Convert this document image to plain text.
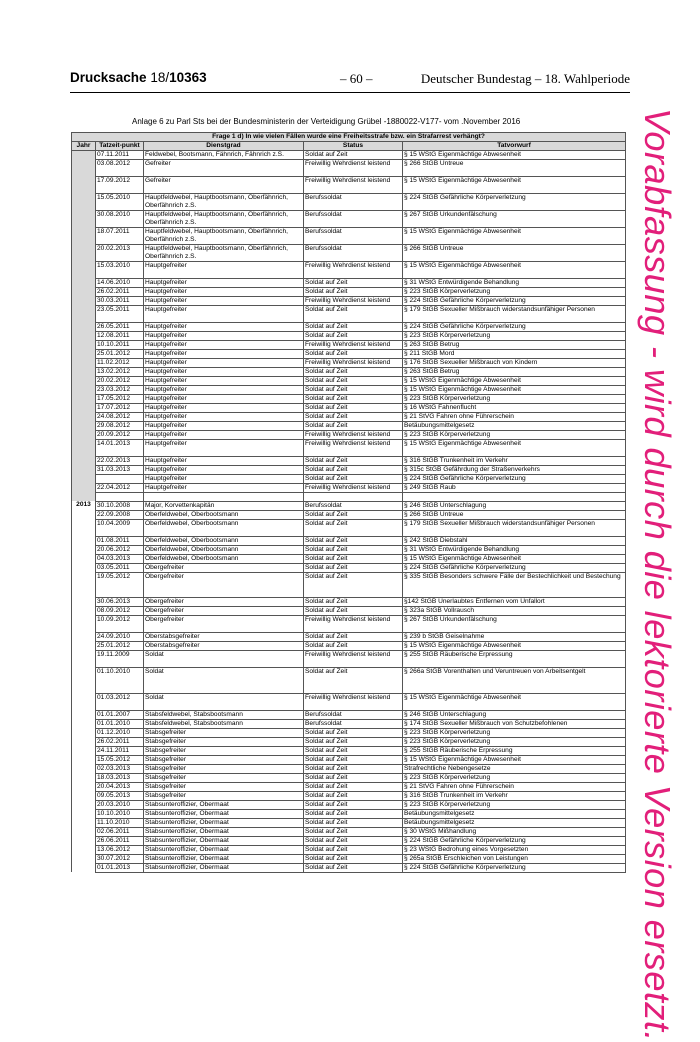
Drucksache 18/10363	– 60 –	Deutscher Bundestag – 18. Wahlperiode
Anlage 6 zu Parl Sts bei der Bundesministerin der Verteidigung Grübel -1880022-V177- vom .November 2016	Vorabfassung - wird durch die lektorierte Version ersetzt.
Frage 1 d) In wie vielen Fällen wurde eine Freiheitsstrafe bzw. ein Strafarrest verhängt?				
Jahr	Tatzeit-punkt	Dienstgrad	Status	Tatvorwurf
	07.11.2011	Feldwebel, Bootsmann, Fähnrich, Fähnrich z.S.	Soldat auf Zeit	§ 15 WStG Eigenmächtige Abwesenheit
	03.08.2012	Gefreiter	Freiwillig Wehrdienst leistend	§ 266 StGB Untreue
	17.09.2012	Gefreiter	Freiwillig Wehrdienst leistend	§ 15 WStG Eigenmächtige Abwesenheit
	15.05.2010	Hauptfeldwebel, Hauptbootsmann, Oberfähnrich, Oberfähnrich z.S.	Berufssoldat	§ 224 StGB Gefährliche Körperverletzung
	30.08.2010	Hauptfeldwebel, Hauptbootsmann, Oberfähnrich, Oberfähnrich z.S.	Berufssoldat	§ 267 StGB Urkundenfälschung
	18.07.2011	Hauptfeldwebel, Hauptbootsmann, Oberfähnrich, Oberfähnrich z.S.	Berufssoldat	§ 15 WStG Eigenmächtige Abwesenheit
	20.02.2013	Hauptfeldwebel, Hauptbootsmann, Oberfähnrich, Oberfähnrich z.S.	Berufssoldat	§ 266 StGB Untreue
	15.03.2010	Hauptgefreiter	Freiwillig Wehrdienst leistend	§ 15 WStG Eigenmächtige Abwesenheit
	14.06.2010	Hauptgefreiter	Soldat auf Zeit	§ 31 WStG Entwürdigende Behandlung
	26.02.2011	Hauptgefreiter	Soldat auf Zeit	§ 223 StGB Körperverletzung
	30.03.2011	Hauptgefreiter	Freiwillig Wehrdienst leistend	§ 224 StGB Gefährliche Körperverletzung
	23.05.2011	Hauptgefreiter	Soldat auf Zeit	§ 179 StGB Sexueller Mißbrauch widerstandsunfähiger Personen
	26.05.2011	Hauptgefreiter	Soldat auf Zeit	§ 224 StGB Gefährliche Körperverletzung
	12.08.2011	Hauptgefreiter	Soldat auf Zeit	§ 223 StGB Körperverletzung
	10.10.2011	Hauptgefreiter	Freiwillig Wehrdienst leistend	§ 263 StGB Betrug
	25.01.2012	Hauptgefreiter	Soldat auf Zeit	§ 211 StGB Mord
	11.02.2012	Hauptgefreiter	Freiwillig Wehrdienst leistend	§ 176 StGB Sexueller Mißbrauch von Kindern
	13.02.2012	Hauptgefreiter	Soldat auf Zeit	§ 263 StGB Betrug
	20.02.2012	Hauptgefreiter	Soldat auf Zeit	§ 15 WStG Eigenmächtige Abwesenheit
	23.03.2012	Hauptgefreiter	Soldat auf Zeit	§ 15 WStG Eigenmächtige Abwesenheit
	17.05.2012	Hauptgefreiter	Soldat auf Zeit	§ 223 StGB Körperverletzung
	17.07.2012	Hauptgefreiter	Soldat auf Zeit	§ 16 WStG Fahnenflucht
	24.08.2012	Hauptgefreiter	Soldat auf Zeit	§ 21 StVG Fahren ohne Führerschein
	29.08.2012	Hauptgefreiter	Soldat auf Zeit	Betäubungsmittelgesetz
	20.09.2012	Hauptgefreiter	Freiwillig Wehrdienst leistend	§ 223 StGB Körperverletzung
	14.01.2013	Hauptgefreiter	Freiwillig Wehrdienst leistend	§ 15 WStG Eigenmächtige Abwesenheit
	22.02.2013	Hauptgefreiter	Soldat auf Zeit	§ 316 StGB Trunkenheit im Verkehr
	31.03.2013	Hauptgefreiter	Soldat auf Zeit	§ 315c StGB Gefährdung der Straßenverkehrs
		Hauptgefreiter	Soldat auf Zeit	§ 224 StGB Gefährliche Körperverletzung
	22.04.2012	Hauptgefreiter	Freiwillig Wehrdienst leistend	§ 249 StGB Raub

2013	30.10.2008	Major, Korvettenkapitän	Berufssoldat	§ 246 StGB Unterschlagung
	22.09.2008	Oberfeldwebel, Oberbootsmann	Soldat auf Zeit	§ 266 StGB Untreue
	10.04.2009	Oberfeldwebel, Oberbootsmann	Soldat auf Zeit	§ 179 StGB Sexueller Mißbrauch widerstandsunfähiger Personen
	01.08.2011	Oberfeldwebel, Oberbootsmann	Soldat auf Zeit	§ 242 StGB Diebstahl
	20.06.2012	Oberfeldwebel, Oberbootsmann	Soldat auf Zeit	§ 31 WStG Entwürdigende Behandlung
	04.03.2013	Oberfeldwebel, Oberbootsmann	Soldat auf Zeit	§ 15 WStG Eigenmächtige Abwesenheit
	03.05.2011	Obergefreiter	Soldat auf Zeit	§ 224 StGB Gefährliche Körperverletzung
	19.05.2012	Obergefreiter	Soldat auf Zeit	§ 335 StGB Besonders schwere Fälle der Bestechlichkeit und Bestechung
	30.06.2013	Obergefreiter	Soldat auf Zeit	§142 StGB Unerlaubtes Entfernen vom Unfallort
	08.09.2012	Obergefreiter	Soldat auf Zeit	§ 323a StGB Vollrausch
	10.09.2012	Obergefreiter	Freiwillig Wehrdienst leistend	§ 267 StGB Urkundenfälschung
	24.09.2010	Oberstabsgefreiter	Soldat auf Zeit	§ 239 b StGB Geiselnahme
	25.01.2012	Oberstabsgefreiter	Soldat auf Zeit	§ 15 WStG Eigenmächtige Abwesenheit
	19.11.2009	Soldat	Freiwillig Wehrdienst leistend	§ 255 StGB Räuberische Erpressung
	01.10.2010	Soldat	Soldat auf Zeit	§ 266a StGB Vorenthalten und Veruntreuen von Arbeitsentgelt
	01.03.2012	Soldat	Freiwillig Wehrdienst leistend	§ 15 WStG Eigenmächtige Abwesenheit
	01.01.2007	Stabsfeldwebel, Stabsbootsmann	Berufssoldat	§ 246 StGB Unterschlagung
	01.01.2010	Stabsfeldwebel, Stabsbootsmann	Berufssoldat	§ 174 StGB Sexueller Mißbrauch von Schutzbefohlenen
	01.12.2010	Stabsgefreiter	Soldat auf Zeit	§ 223 StGB Körperverletzung
	26.02.2011	Stabsgefreiter	Soldat auf Zeit	§ 223 StGB Körperverletzung
	24.11.2011	Stabsgefreiter	Soldat auf Zeit	§ 255 StGB Räuberische Erpressung
	15.05.2012	Stabsgefreiter	Soldat auf Zeit	§ 15 WStG Eigenmächtige Abwesenheit
	02.03.2013	Stabsgefreiter	Soldat auf Zeit	Strafrechtliche Nebengesetze
	18.03.2013	Stabsgefreiter	Soldat auf Zeit	§ 223 StGB Körperverletzung
	20.04.2013	Stabsgefreiter	Soldat auf Zeit	§ 21 StVG Fahren ohne Führerschein
	09.05.2013	Stabsgefreiter	Soldat auf Zeit	§ 316 StGB Trunkenheit im Verkehr
	20.03.2010	Stabsunteroffizier, Obermaat	Soldat auf Zeit	§ 223 StGB Körperverletzung
	10.10.2010	Stabsunteroffizier, Obermaat	Soldat auf Zeit	Betäubungsmittelgesetz
	11.10.2010	Stabsunteroffizier, Obermaat	Soldat auf Zeit	Betäubungsmittelgesetz
	02.06.2011	Stabsunteroffizier, Obermaat	Soldat auf Zeit	§ 30 WStG Mißhandlung
	26.06.2011	Stabsunteroffizier, Obermaat	Soldat auf Zeit	§ 224 StGB Gefährliche Körperverletzung
	13.06.2012	Stabsunteroffizier, Obermaat	Soldat auf Zeit	§ 23 WStG Bedrohung eines Vorgesetzten
	30.07.2012	Stabsunteroffizier, Obermaat	Soldat auf Zeit	§ 265a StGB Erschleichen von Leistungen
	01.01.2013	Stabsunteroffizier, Obermaat	Soldat auf Zeit	§ 224 StGB Gefährliche Körperverletzung
